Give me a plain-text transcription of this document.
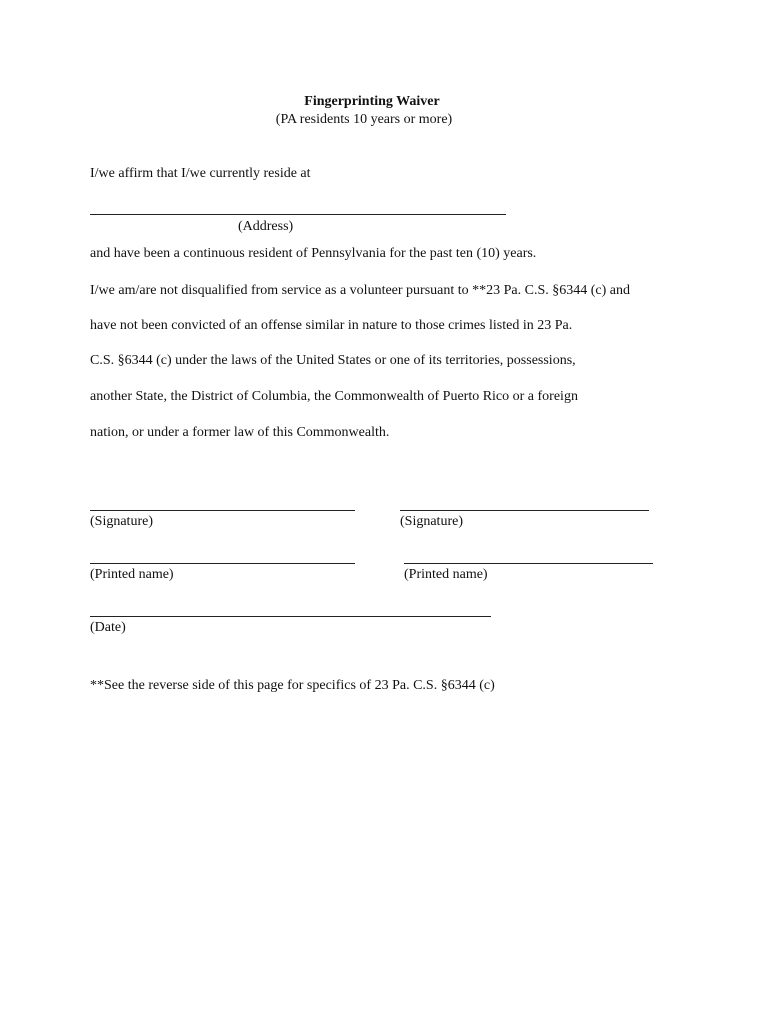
Fingerprinting Waiver
(PA residents 10 years or more)
I/we affirm that I/we currently reside at
(Address)
and have been a continuous resident of Pennsylvania for the past ten (10) years.
I/we am/are not disqualified from service as a volunteer pursuant to **23 Pa. C.S. §6344 (c) and
have not been convicted of an offense similar in nature to those crimes listed in 23 Pa.
C.S. §6344 (c) under the laws of the United States or one of its territories, possessions,
another State, the District of Columbia, the Commonwealth of Puerto Rico or a foreign
nation, or under a former law of this Commonwealth.
(Signature)	(Signature)
(Printed name)	(Printed name)
(Date)
**See the reverse side of this page for specifics of 23 Pa. C.S. §6344 (c)
